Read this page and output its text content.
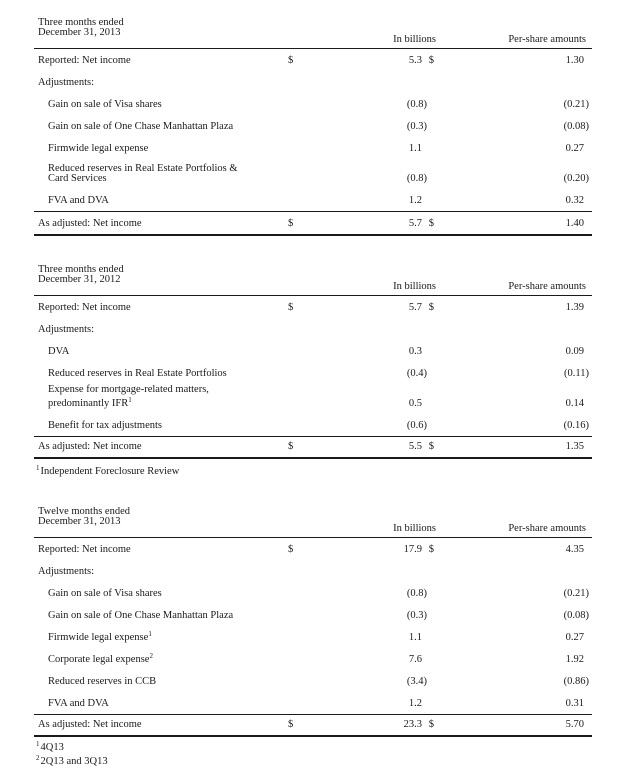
Three months ended
December 31, 2013
In billions	Per-share amounts
Reported: Net income	$	5.3 $	1.30
Adjustments:
Gain on sale of Visa shares	(0.8)	(0.21)
Gain on sale of One Chase Manhattan Plaza	(0.3)	(0.08)
Firmwide legal expense	1.1	0.27
Reduced reserves in Real Estate Portfolios &
Card Services	(0.8)	(0.20)
FVA and DVA	1.2	0.32
As adjusted: Net income	$	5.7 $	1.40
Three months ended
December 31, 2012
In billions	Per-share amounts
Reported: Net income	$	5.7 $	1.39
Adjustments:
DVA	0.3	0.09
Reduced reserves in Real Estate Portfolios	(0.4)	(0.11)
Expense for mortgage-related matters,
predominantly IFR$^1$	0.5	0.14
Benefit for tax adjustments	(0.6)	(0.16)
As adjusted: Net income	$	5.5 $	1.35
$^1$Independent Foreclosure Review
Twelve months ended
December 31, 2013
In billions	Per-share amounts
Reported: Net income	$	17.9 $	4.35
Adjustments:
Gain on sale of Visa shares	(0.8)	(0.21)
Gain on sale of One Chase Manhattan Plaza	(0.3)	(0.08)
Firmwide legal expense$^1$	1.1	0.27
Corporate legal expense$^2$	7.6	1.92
Reduced reserves in CCB	(3.4)	(0.86)
FVA and DVA	1.2	0.31
As adjusted: Net income	$	23.3 $	5.70
$^1$4Q13
$^2$2Q13 and 3Q13
